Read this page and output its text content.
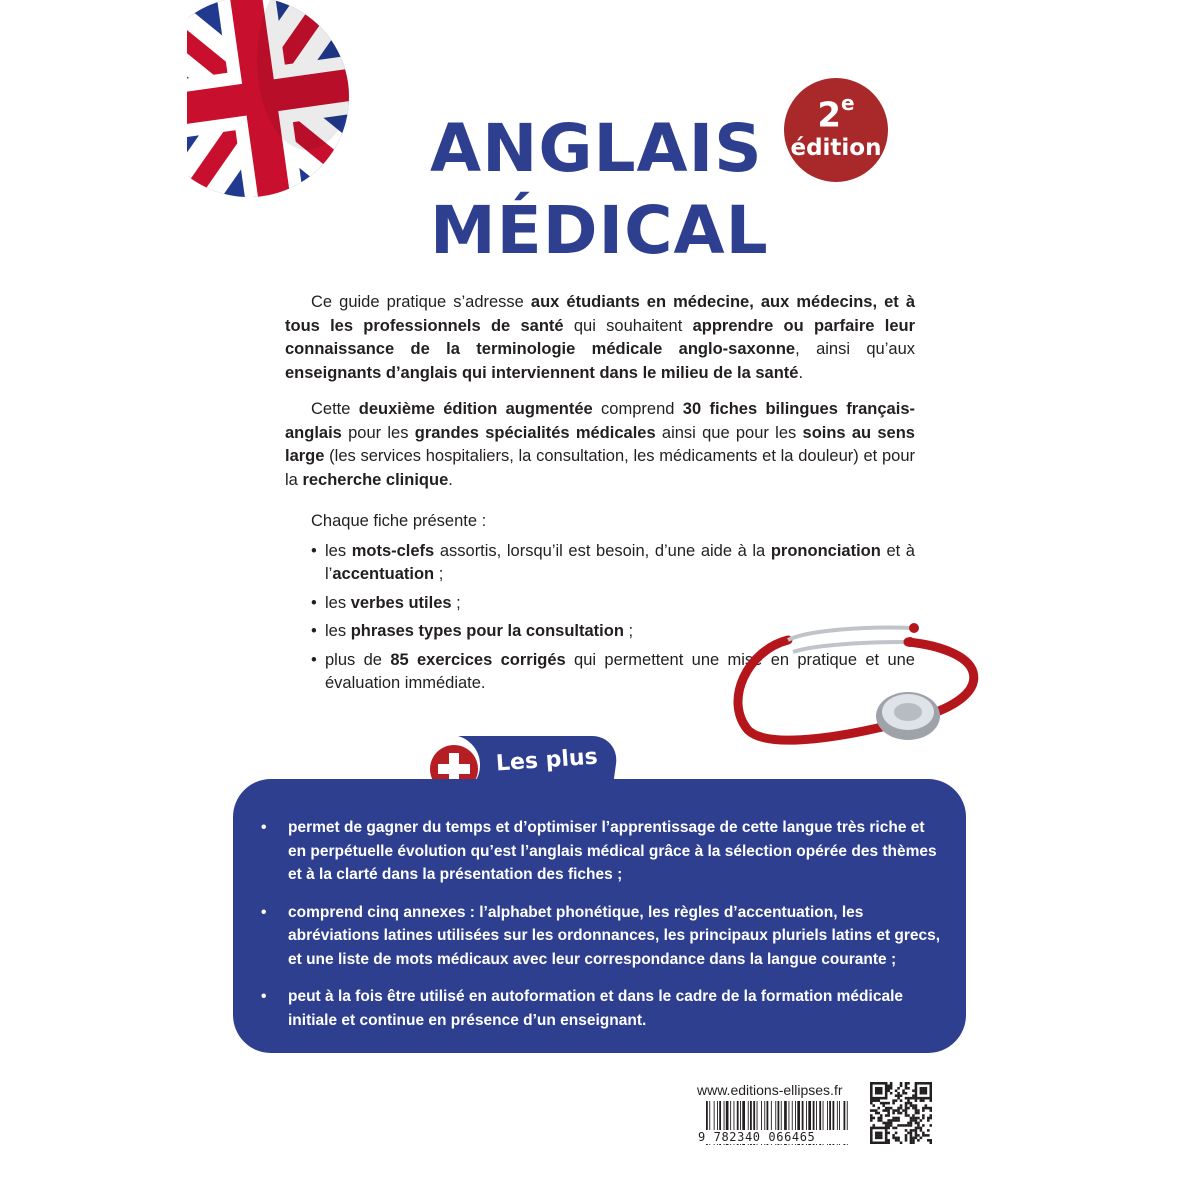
ANGLAIS
MÉDICAL
2e
édition

Ce guide pratique s’adresse aux étudiants en médecine, aux médecins, et à tous les professionnels de santé qui souhaitent apprendre ou parfaire leur connaissance de la terminologie médicale anglo-saxonne, ainsi qu’aux enseignants d’anglais qui interviennent dans le milieu de la santé.

Cette deuxième édition augmentée comprend 30 fiches bilingues français-anglais pour les grandes spécialités médicales ainsi que pour les soins au sens large (les services hospitaliers, la consultation, les médicaments et la douleur) et pour la recherche clinique.

Chaque fiche présente :
• les mots-clefs assortis, lorsqu’il est besoin, d’une aide à la prononciation et à l’accentuation ;
• les verbes utiles ;
• les phrases types pour la consultation ;
• plus de 85 exercices corrigés qui permettent une mise en pratique et une évaluation immédiate.
Les plus
• permet de gagner du temps et d’optimiser l’apprentissage de cette langue très riche et en perpétuelle évolution qu’est l’anglais médical grâce à la sélection opérée des thèmes et à la clarté dans la présentation des fiches ;
• comprend cinq annexes : l’alphabet phonétique, les règles d’accentuation, les abréviations latines utilisées sur les ordonnances, les principaux pluriels latins et grecs, et une liste de mots médicaux avec leur correspondance dans la langue courante ;
• peut à la fois être utilisé en autoformation et dans le cadre de la formation médicale initiale et continue en présence d’un enseignant.
www.editions-ellipses.fr
9 782340 066465
